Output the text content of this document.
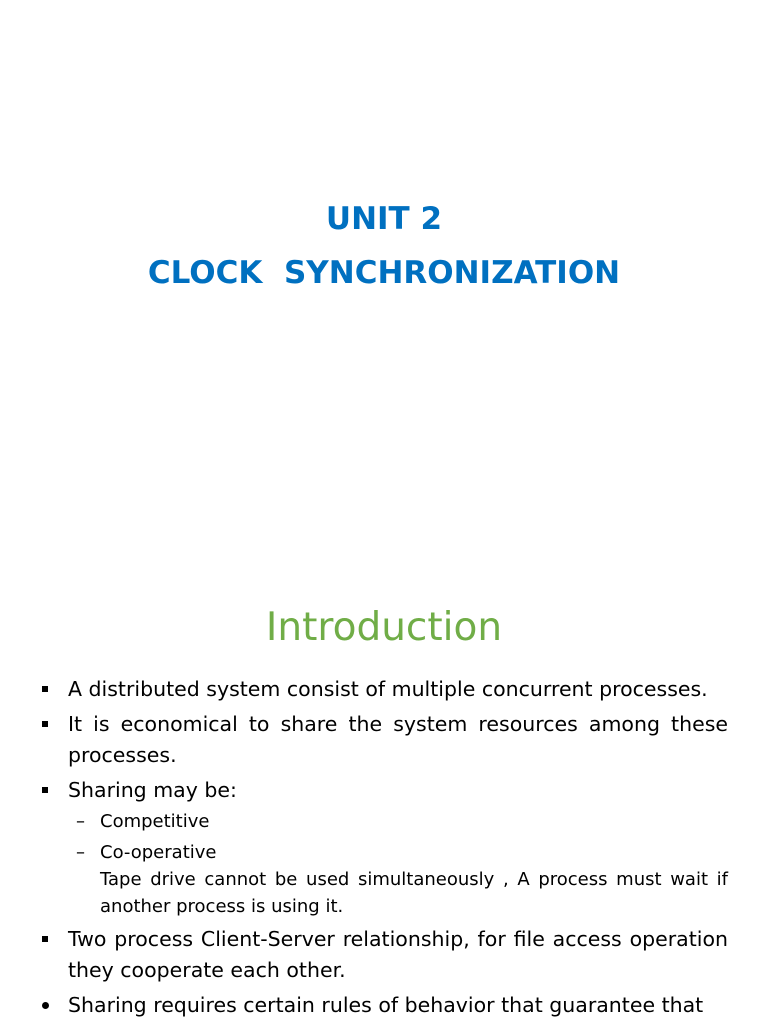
UNIT 2
CLOCK  SYNCHRONIZATION
Introduction
A distributed system consist of multiple concurrent processes.
It is economical to share the system resources among these processes.
Sharing may be:
– Competitive
– Co-operative
Tape drive cannot be used simultaneously , A process must wait if another process is using it.
Two process Client-Server relationship, for file access operation they cooperate each other.
Sharing requires certain rules of behavior that guarantee that
